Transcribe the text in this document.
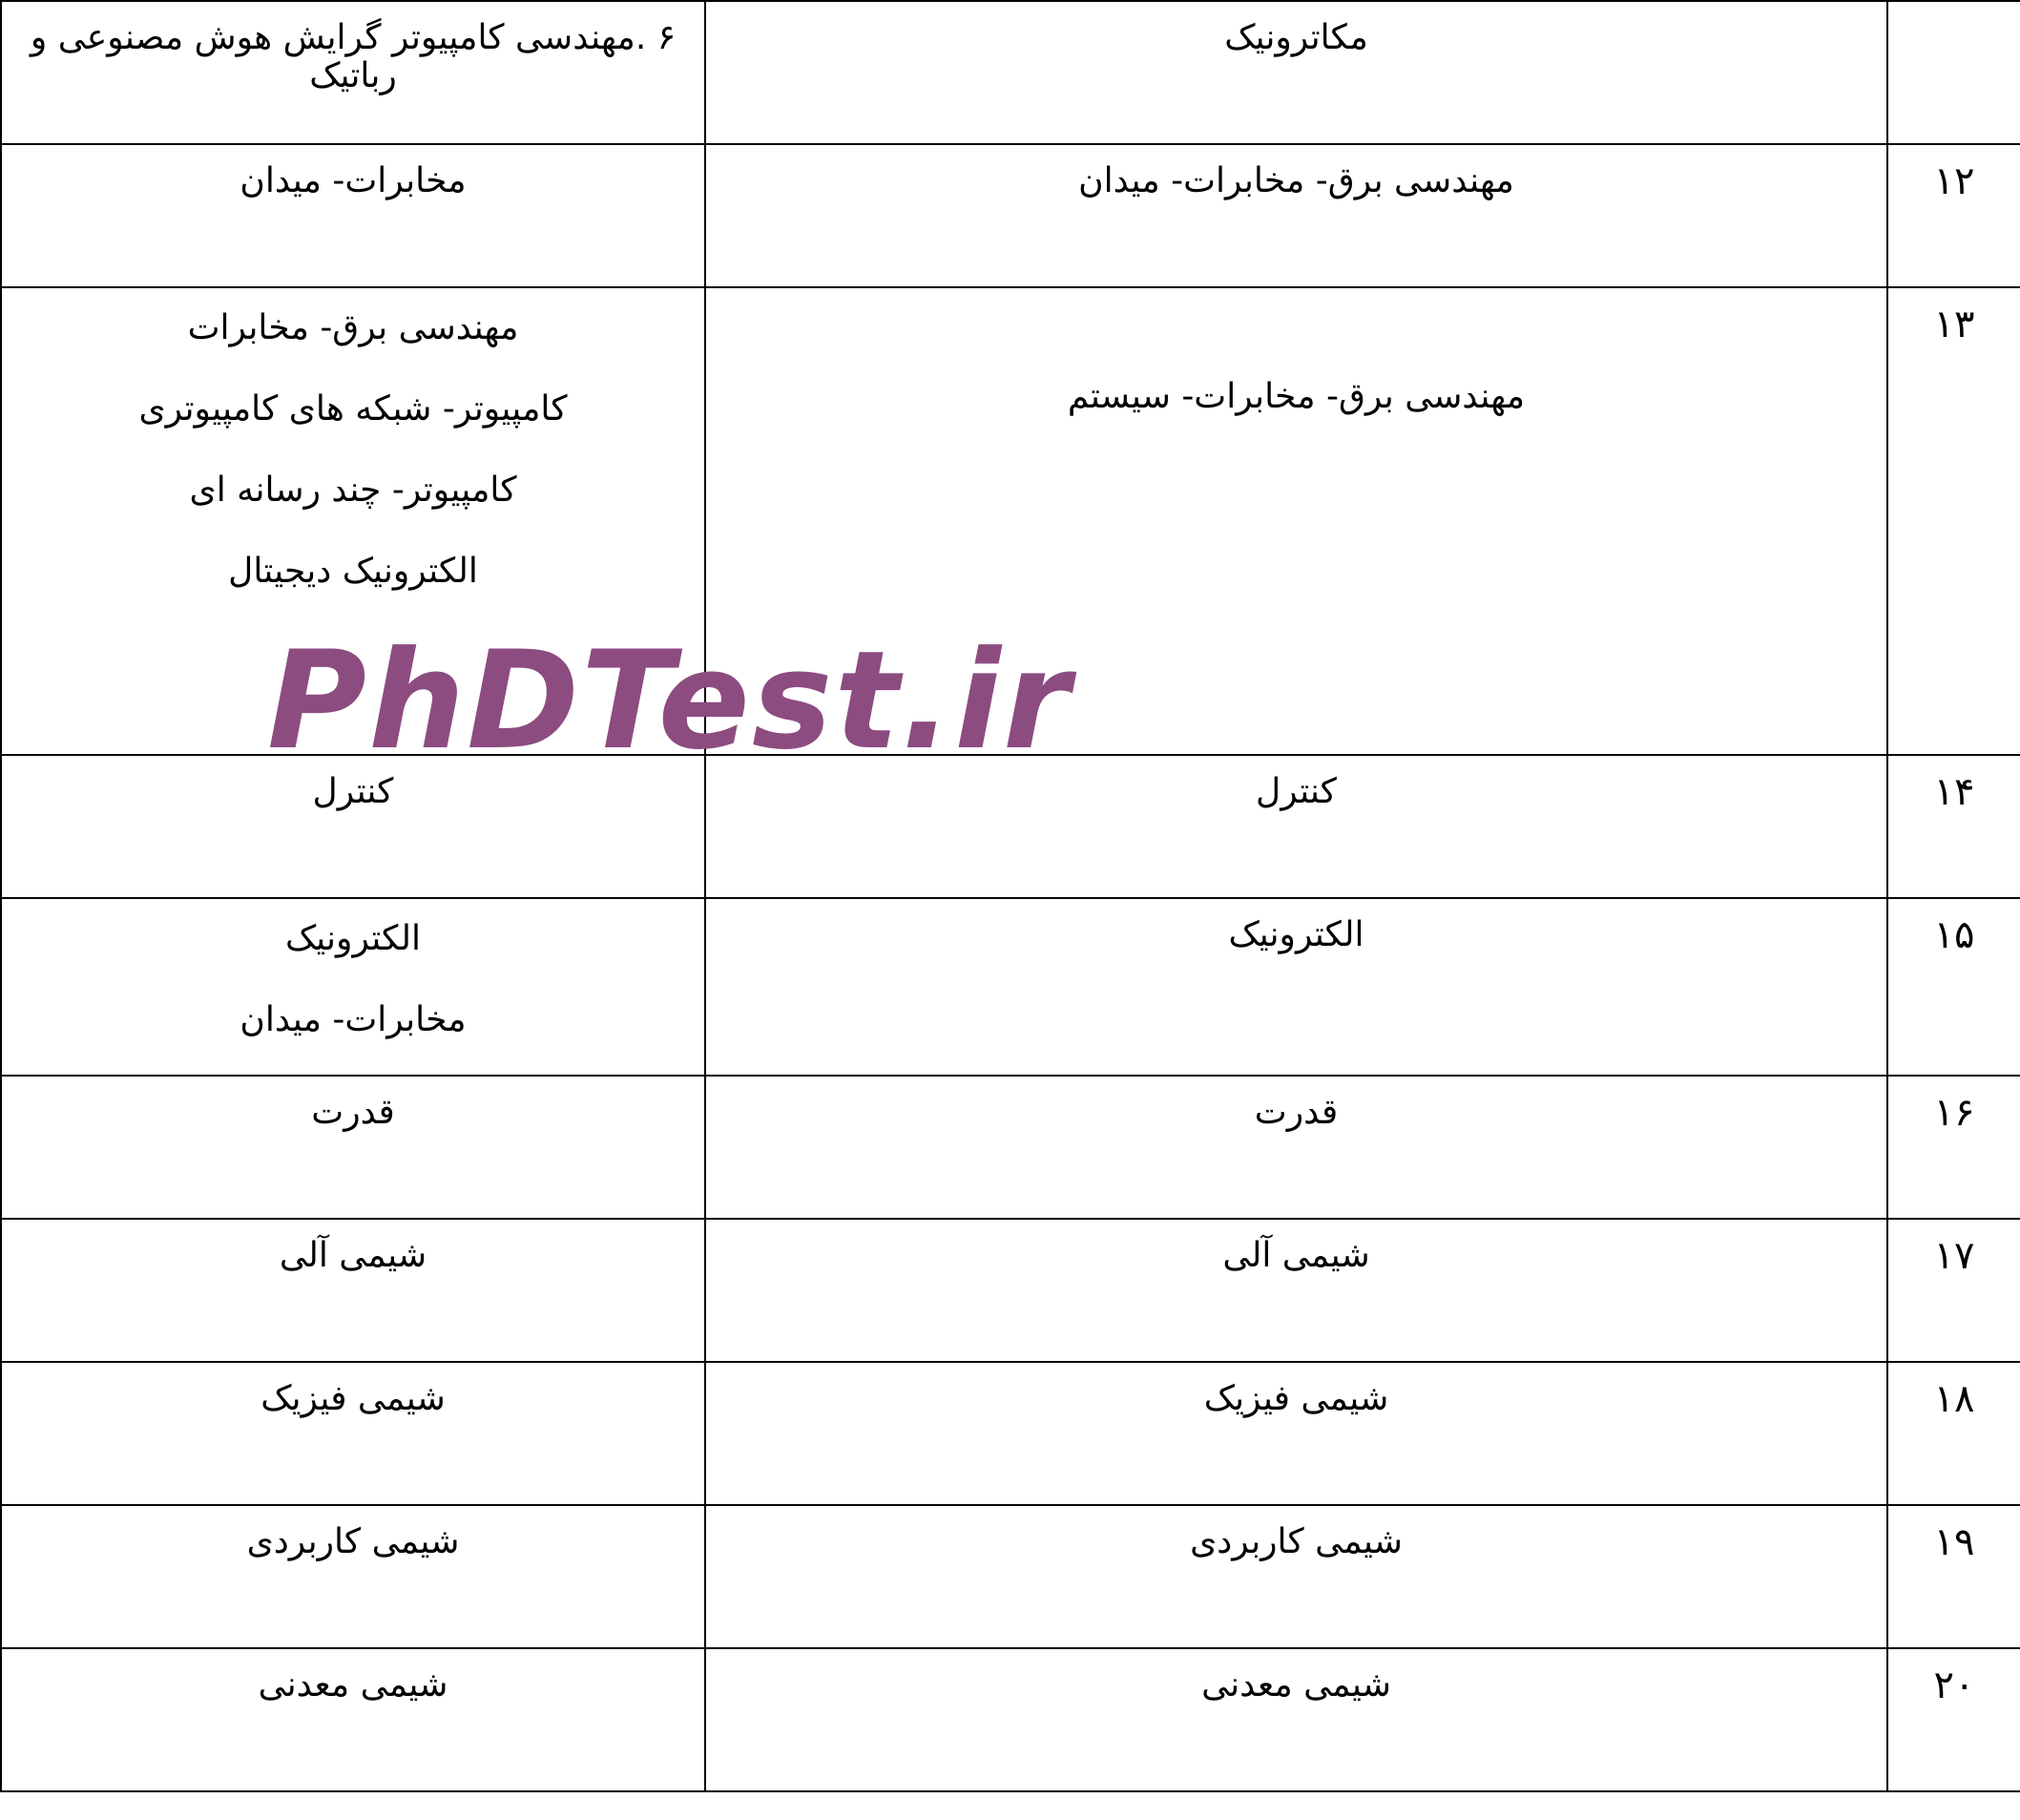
	مکاترونیک	۶ .مهندسی کامپیوتر گرایش هوش مصنوعی و رباتیک

۱۲	مهندسی برق- مخابرات- میدان	مخابرات- میدان

۱۳	مهندسی برق- مخابرات- سیستم	مهندسی برق- مخابرات
کامپیوتر- شبکه های کامپیوتری
کامپیوتر- چند رسانه ای
الکترونیک دیجیتال

۱۴	کنترل	کنترل

۱۵	الکترونیک	الکترونیک
مخابرات- میدان

۱۶	قدرت	قدرت

۱۷	شیمی آلی	شیمی آلی

۱۸	شیمی فیزیک	شیمی فیزیک

۱۹	شیمی کاربردی	شیمی کاربردی

۲۰	شیمی معدنی	شیمی معدنی
PhDTest.ir
